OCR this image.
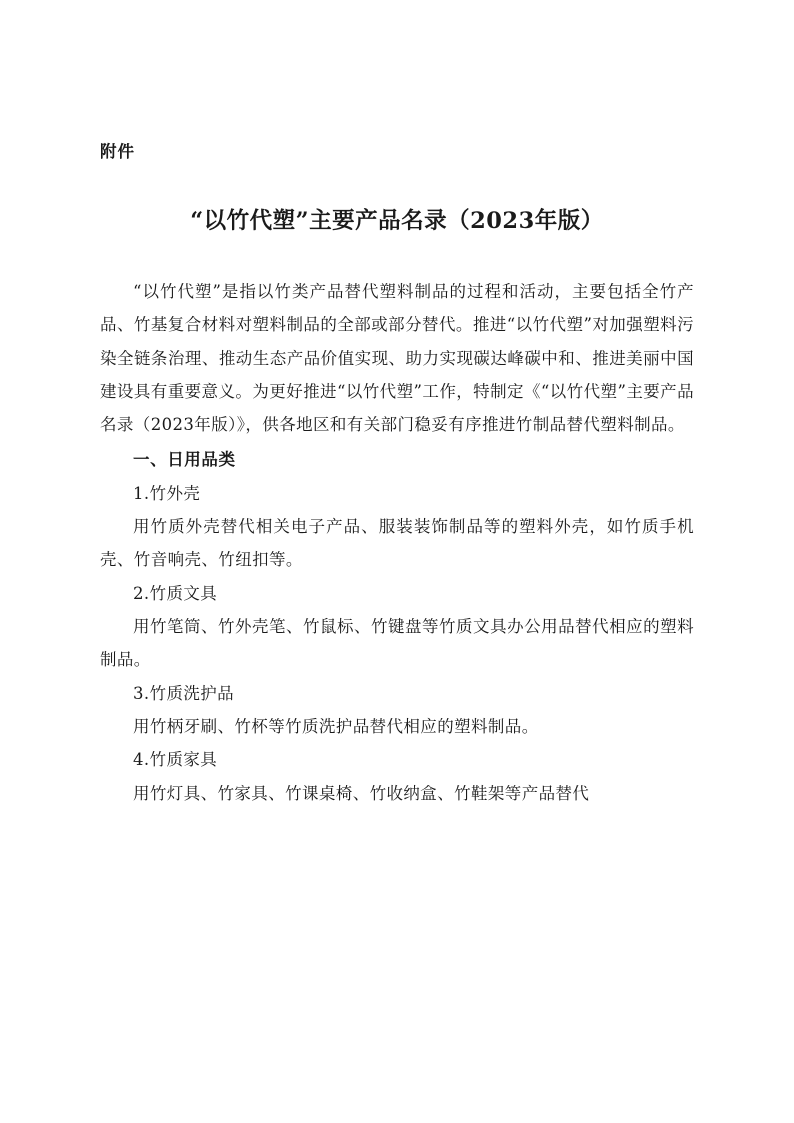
附件
“以竹代塑”主要产品名录（2023年版）

“以竹代塑”是指以竹类产品替代塑料制品的过程和活动，主要包括全竹产品、竹基复合材料对塑料制品的全部或部分替代。推进“以竹代塑”对加强塑料污染全链条治理、推动生态产品价值实现、助力实现碳达峰碳中和、推进美丽中国建设具有重要意义。为更好推进“以竹代塑”工作，特制定《“以竹代塑”主要产品名录（2023年版）》，供各地区和有关部门稳妥有序推进竹制品替代塑料制品。

一、日用品类

1.竹外壳

用竹质外壳替代相关电子产品、服装装饰制品等的塑料外壳，如竹质手机壳、竹音响壳、竹纽扣等。

2.竹质文具

用竹笔筒、竹外壳笔、竹鼠标、竹键盘等竹质文具办公用品替代相应的塑料制品。

3.竹质洗护品

用竹柄牙刷、竹杯等竹质洗护品替代相应的塑料制品。

4.竹质家具

用竹灯具、竹家具、竹课桌椅、竹收纳盒、竹鞋架等产品替代
